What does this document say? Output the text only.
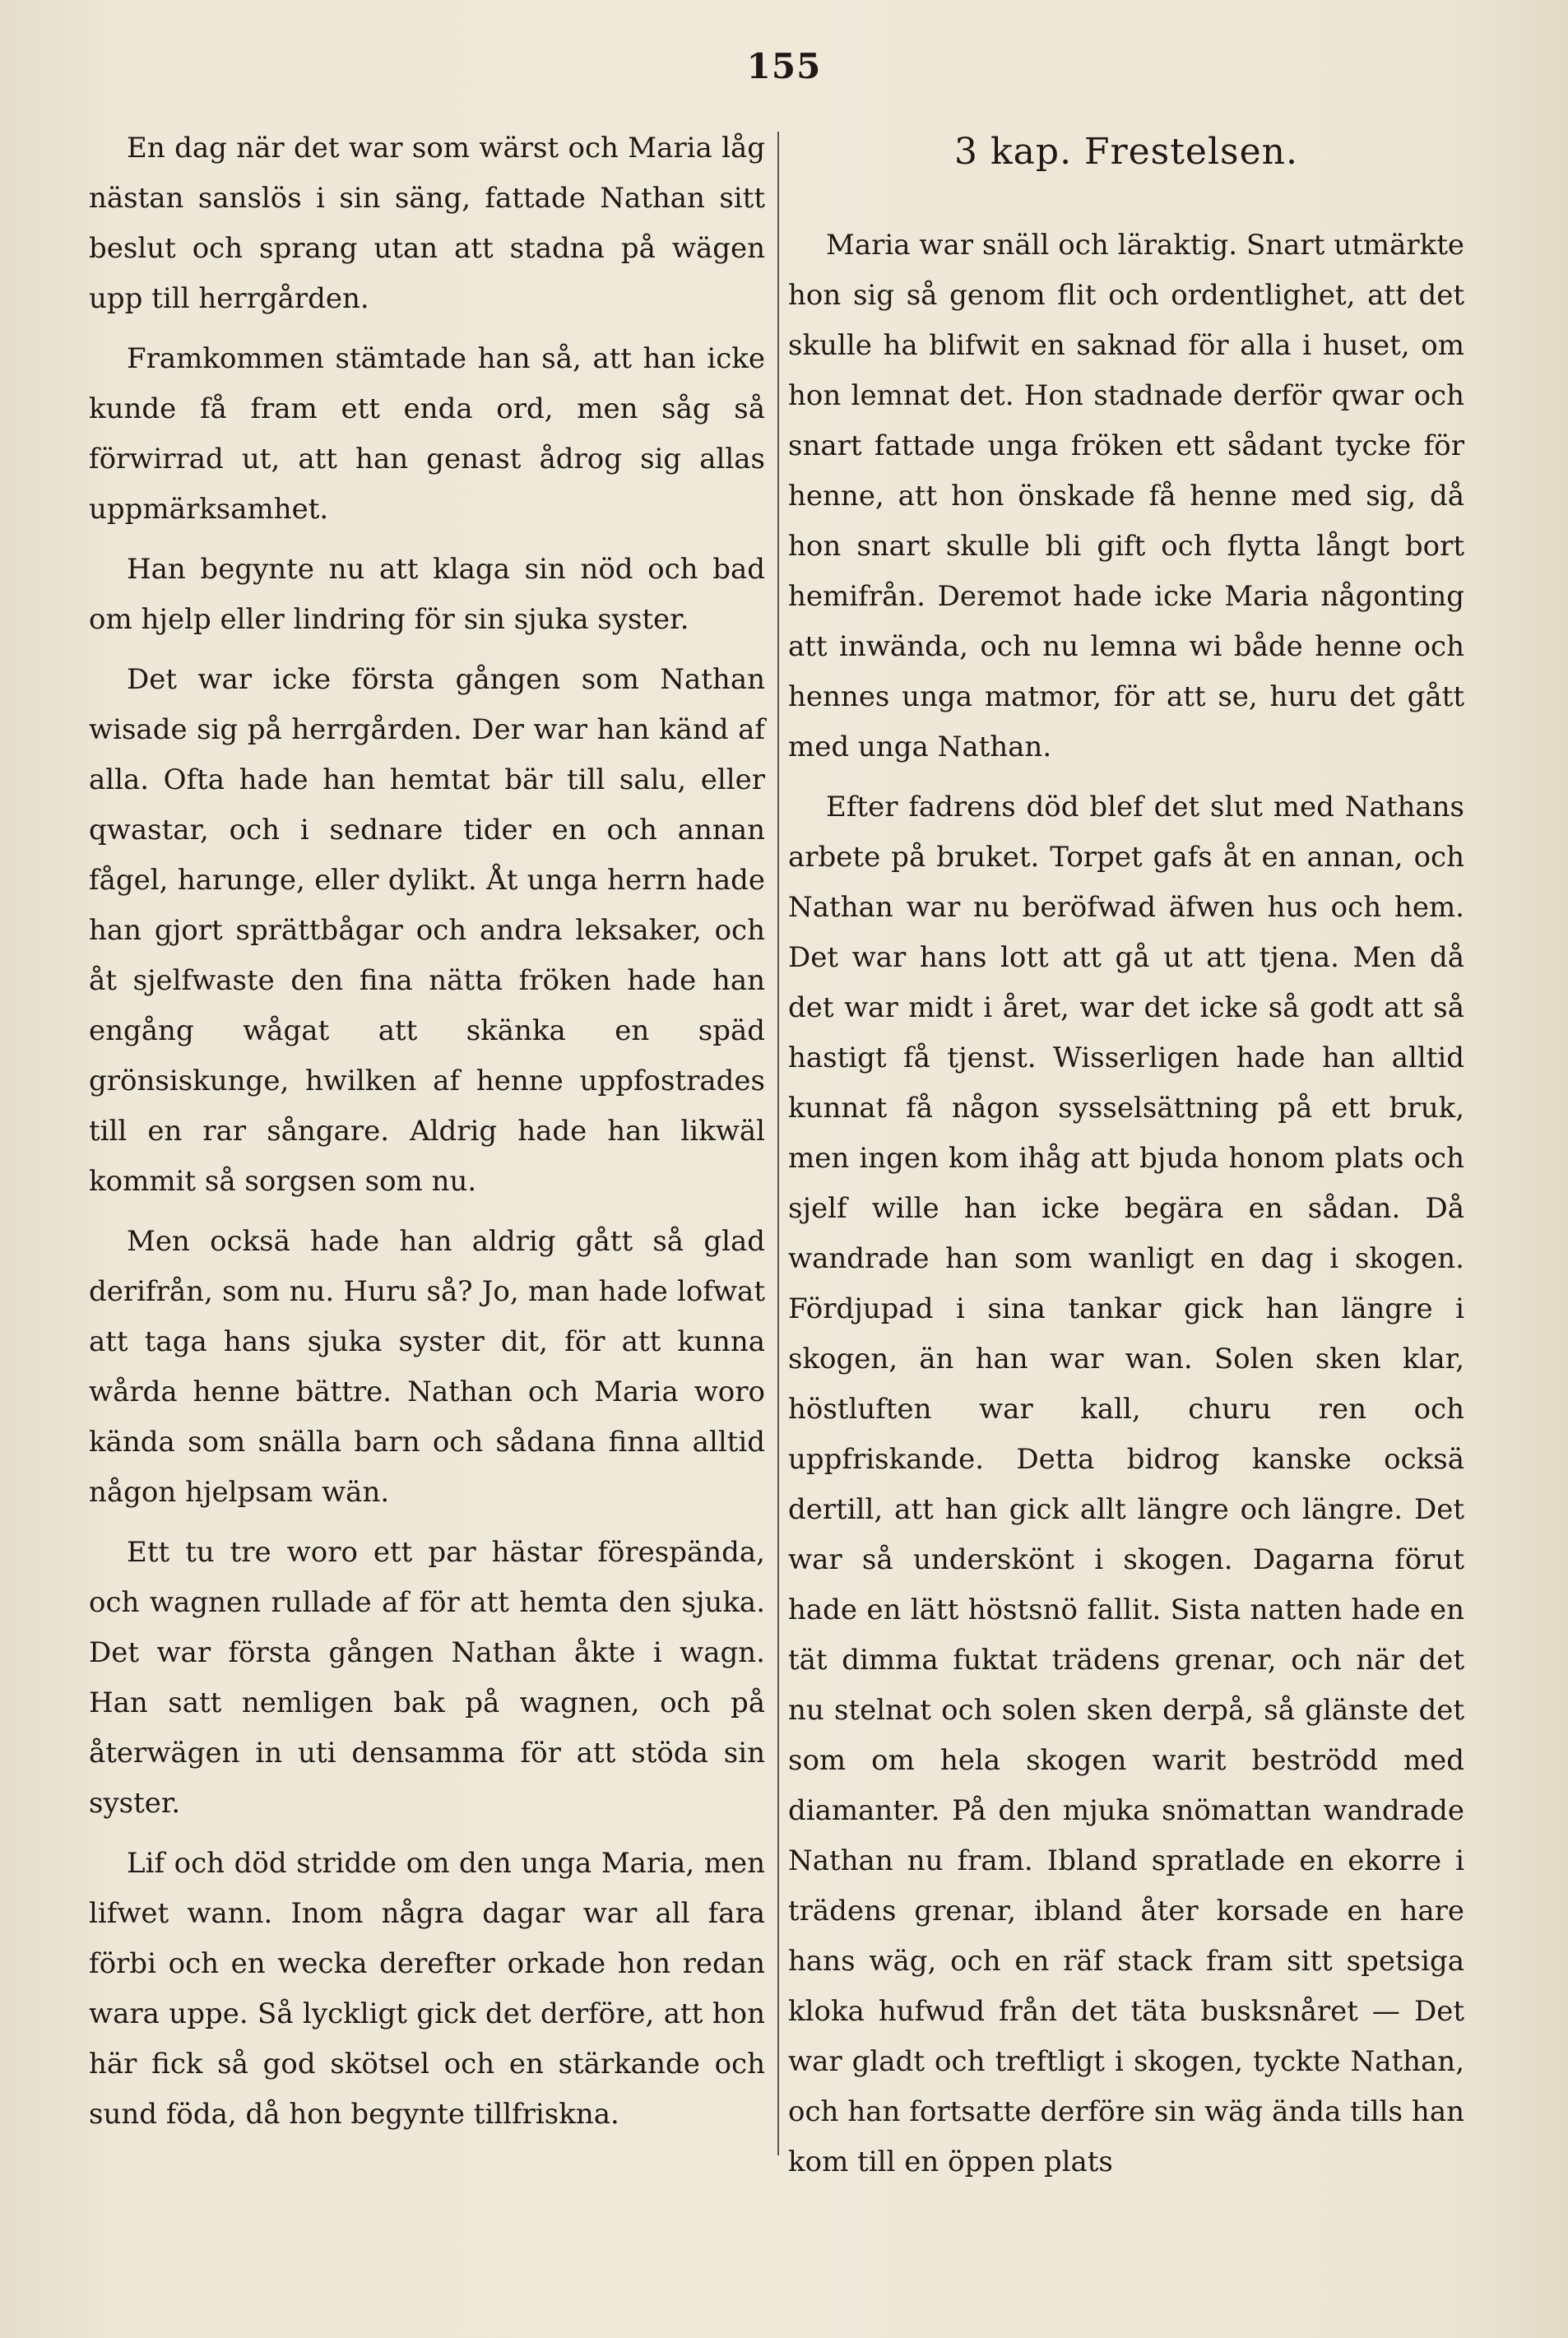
155

En dag när det war som wärst och Maria låg nästan sanslös i sin säng, fattade Nathan sitt beslut och sprang utan att stadna på wägen upp till herrgården.

Framkommen stämtade han så, att han icke kunde få fram ett enda ord, men såg så förwirrad ut, att han genast ådrog sig allas uppmärksamhet.

Han begynte nu att klaga sin nöd och bad om hjelp eller lindring för sin sjuka syster.

Det war icke första gången som Nathan wisade sig på herrgården. Der war han känd af alla. Ofta hade han hemtat bär till salu, eller qwastar, och i sednare tider en och annan fågel, harunge, eller dylikt. Åt unga herrn hade han gjort sprättbågar och andra leksaker, och åt sjelfwaste den fina nätta fröken hade han engång wågat att skänka en späd grönsiskunge, hwilken af henne uppfostrades till en rar sångare. Aldrig hade han likwäl kommit så sorgsen som nu.

Men ocksä hade han aldrig gått så glad derifrån, som nu. Huru så? Jo, man hade lofwat att taga hans sjuka syster dit, för att kunna wårda henne bättre. Nathan och Maria woro kända som snälla barn och sådana finna alltid någon hjelpsam wän.

Ett tu tre woro ett par hästar förespända, och wagnen rullade af för att hemta den sjuka. Det war första gången Nathan åkte i wagn. Han satt nemligen bak på wagnen, och på återwägen in uti densamma för att stöda sin syster.

Lif och död stridde om den unga Maria, men lifwet wann. Inom några dagar war all fara förbi och en wecka derefter orkade hon redan wara uppe. Så lyckligt gick det derföre, att hon här fick så god skötsel och en stärkande och sund föda, då hon begynte tillfriskna.

3 kap. Frestelsen.

Maria war snäll och läraktig. Snart utmärkte hon sig så genom flit och ordentlighet, att det skulle ha blifwit en saknad för alla i huset, om hon lemnat det. Hon stadnade derför qwar och snart fattade unga fröken ett sådant tycke för henne, att hon önskade få henne med sig, då hon snart skulle bli gift och flytta långt bort hemifrån. Deremot hade icke Maria någonting att inwända, och nu lemna wi både henne och hennes unga matmor, för att se, huru det gått med unga Nathan.

Efter fadrens död blef det slut med Nathans arbete på bruket. Torpet gafs åt en annan, och Nathan war nu beröfwad äfwen hus och hem. Det war hans lott att gå ut att tjena. Men då det war midt i året, war det icke så godt att så hastigt få tjenst. Wisserligen hade han alltid kunnat få någon sysselsättning på ett bruk, men ingen kom ihåg att bjuda honom plats och sjelf wille han icke begära en sådan. Då wandrade han som wanligt en dag i skogen. Fördjupad i sina tankar gick han längre i skogen, än han war wan. Solen sken klar, höstluften war kall, churu ren och uppfriskande. Detta bidrog kanske ocksä dertill, att han gick allt längre och längre. Det war så underskönt i skogen. Dagarna förut hade en lätt höstsnö fallit. Sista natten hade en tät dimma fuktat trädens grenar, och när det nu stelnat och solen sken derpå, så glänste det som om hela skogen warit beströdd med diamanter. På den mjuka snömattan wandrade Nathan nu fram. Ibland spratlade en ekorre i trädens grenar, ibland åter korsade en hare hans wäg, och en räf stack fram sitt spetsiga kloka hufwud från det täta busksnåret — Det war gladt och treftligt i skogen, tyckte Nathan, och han fortsatte derföre sin wäg ända tills han kom till en öppen plats
